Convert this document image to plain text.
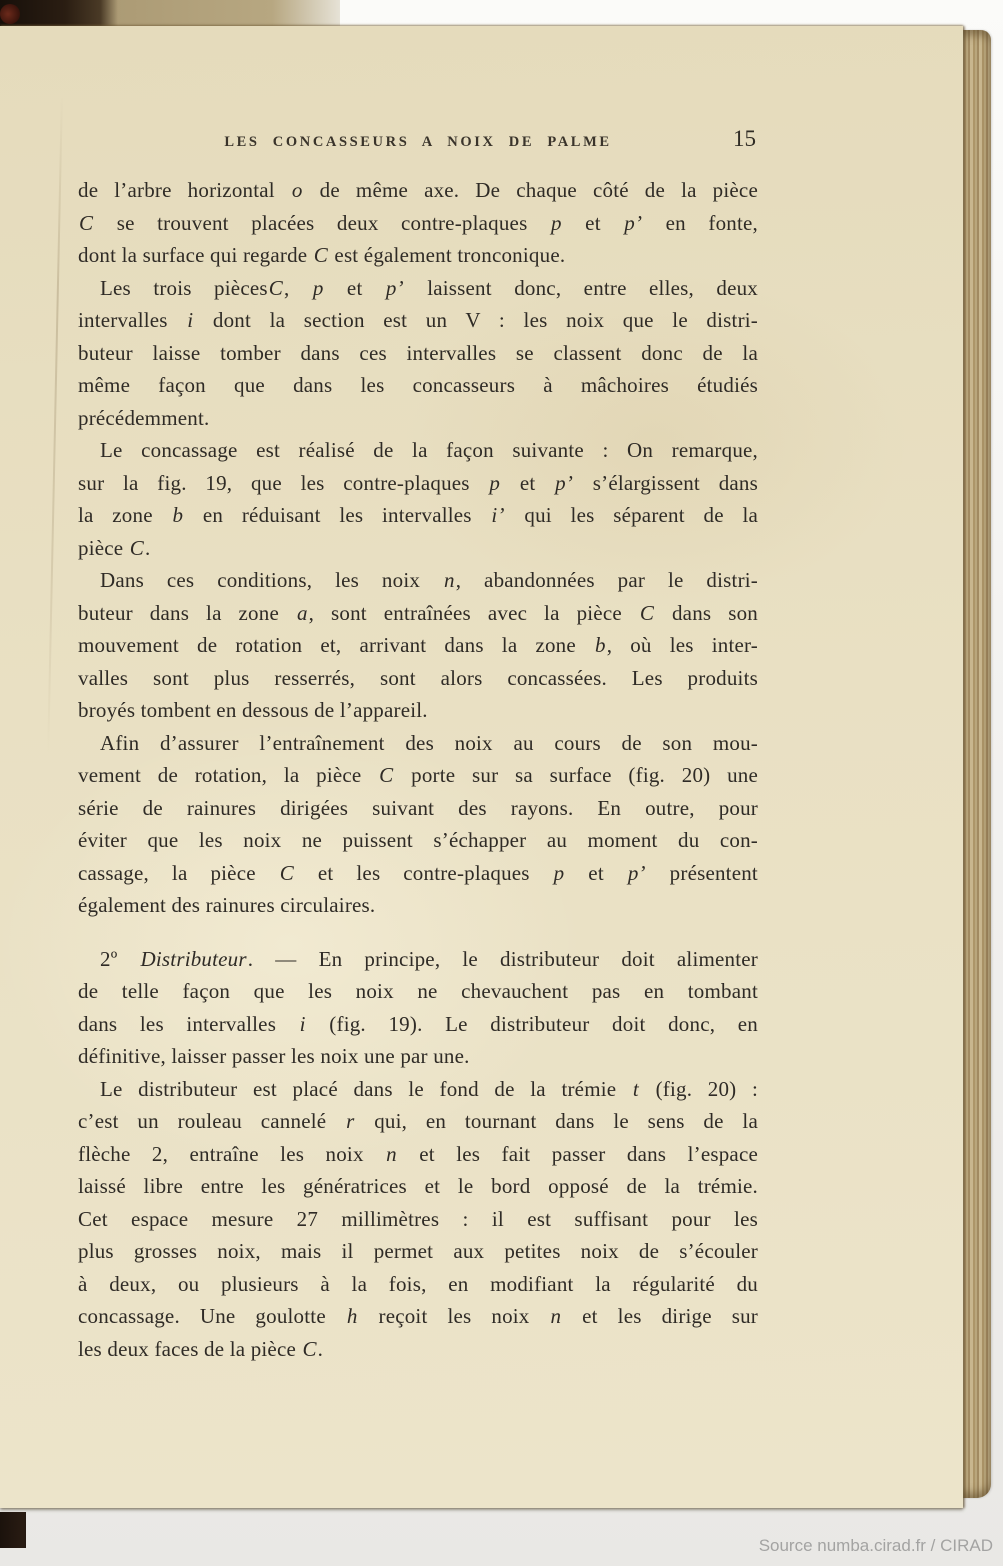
LES CONCASSEURS A NOIX DE PALME	15
de l’arbre horizontal o de même axe. De chaque côté de la pièce
C se trouvent placées deux contre-plaques p et p’ en fonte,
dont la surface qui regarde C est également tronconique.
Les trois piècesC, p et p’ laissent donc, entre elles, deux
intervalles i dont la section est un V : les noix que le distri-
buteur laisse tomber dans ces intervalles se classent donc de la
même façon que dans les concasseurs à mâchoires étudiés
précédemment.
Le concassage est réalisé de la façon suivante : On remarque,
sur la fig. 19, que les contre-plaques p et p’ s’élargissent dans
la zone b en réduisant les intervalles i’ qui les séparent de la
pièce C.
Dans ces conditions, les noix n, abandonnées par le distri-
buteur dans la zone a, sont entraînées avec la pièce C dans son
mouvement de rotation et, arrivant dans la zone b, où les inter-
valles sont plus resserrés, sont alors concassées. Les produits
broyés tombent en dessous de l’appareil.
Afin d’assurer l’entraînement des noix au cours de son mou-
vement de rotation, la pièce C porte sur sa surface (fig. 20) une
série de rainures dirigées suivant des rayons. En outre, pour
éviter que les noix ne puissent s’échapper au moment du con-
cassage, la pièce C et les contre-plaques p et p’ présentent
également des rainures circulaires.
2º Distributeur. — En principe, le distributeur doit alimenter
de telle façon que les noix ne chevauchent pas en tombant
dans les intervalles i (fig. 19). Le distributeur doit donc, en
définitive, laisser passer les noix une par une.
Le distributeur est placé dans le fond de la trémie t (fig. 20) :
c’est un rouleau cannelé r qui, en tournant dans le sens de la
flèche 2, entraîne les noix n et les fait passer dans l’espace
laissé libre entre les génératrices et le bord opposé de la trémie.
Cet espace mesure 27 millimètres : il est suffisant pour les
plus grosses noix, mais il permet aux petites noix de s’écouler
à deux, ou plusieurs à la fois, en modifiant la régularité du
concassage. Une goulotte h reçoit les noix n et les dirige sur
les deux faces de la pièce C.
Source numba.cirad.fr / CIRAD
